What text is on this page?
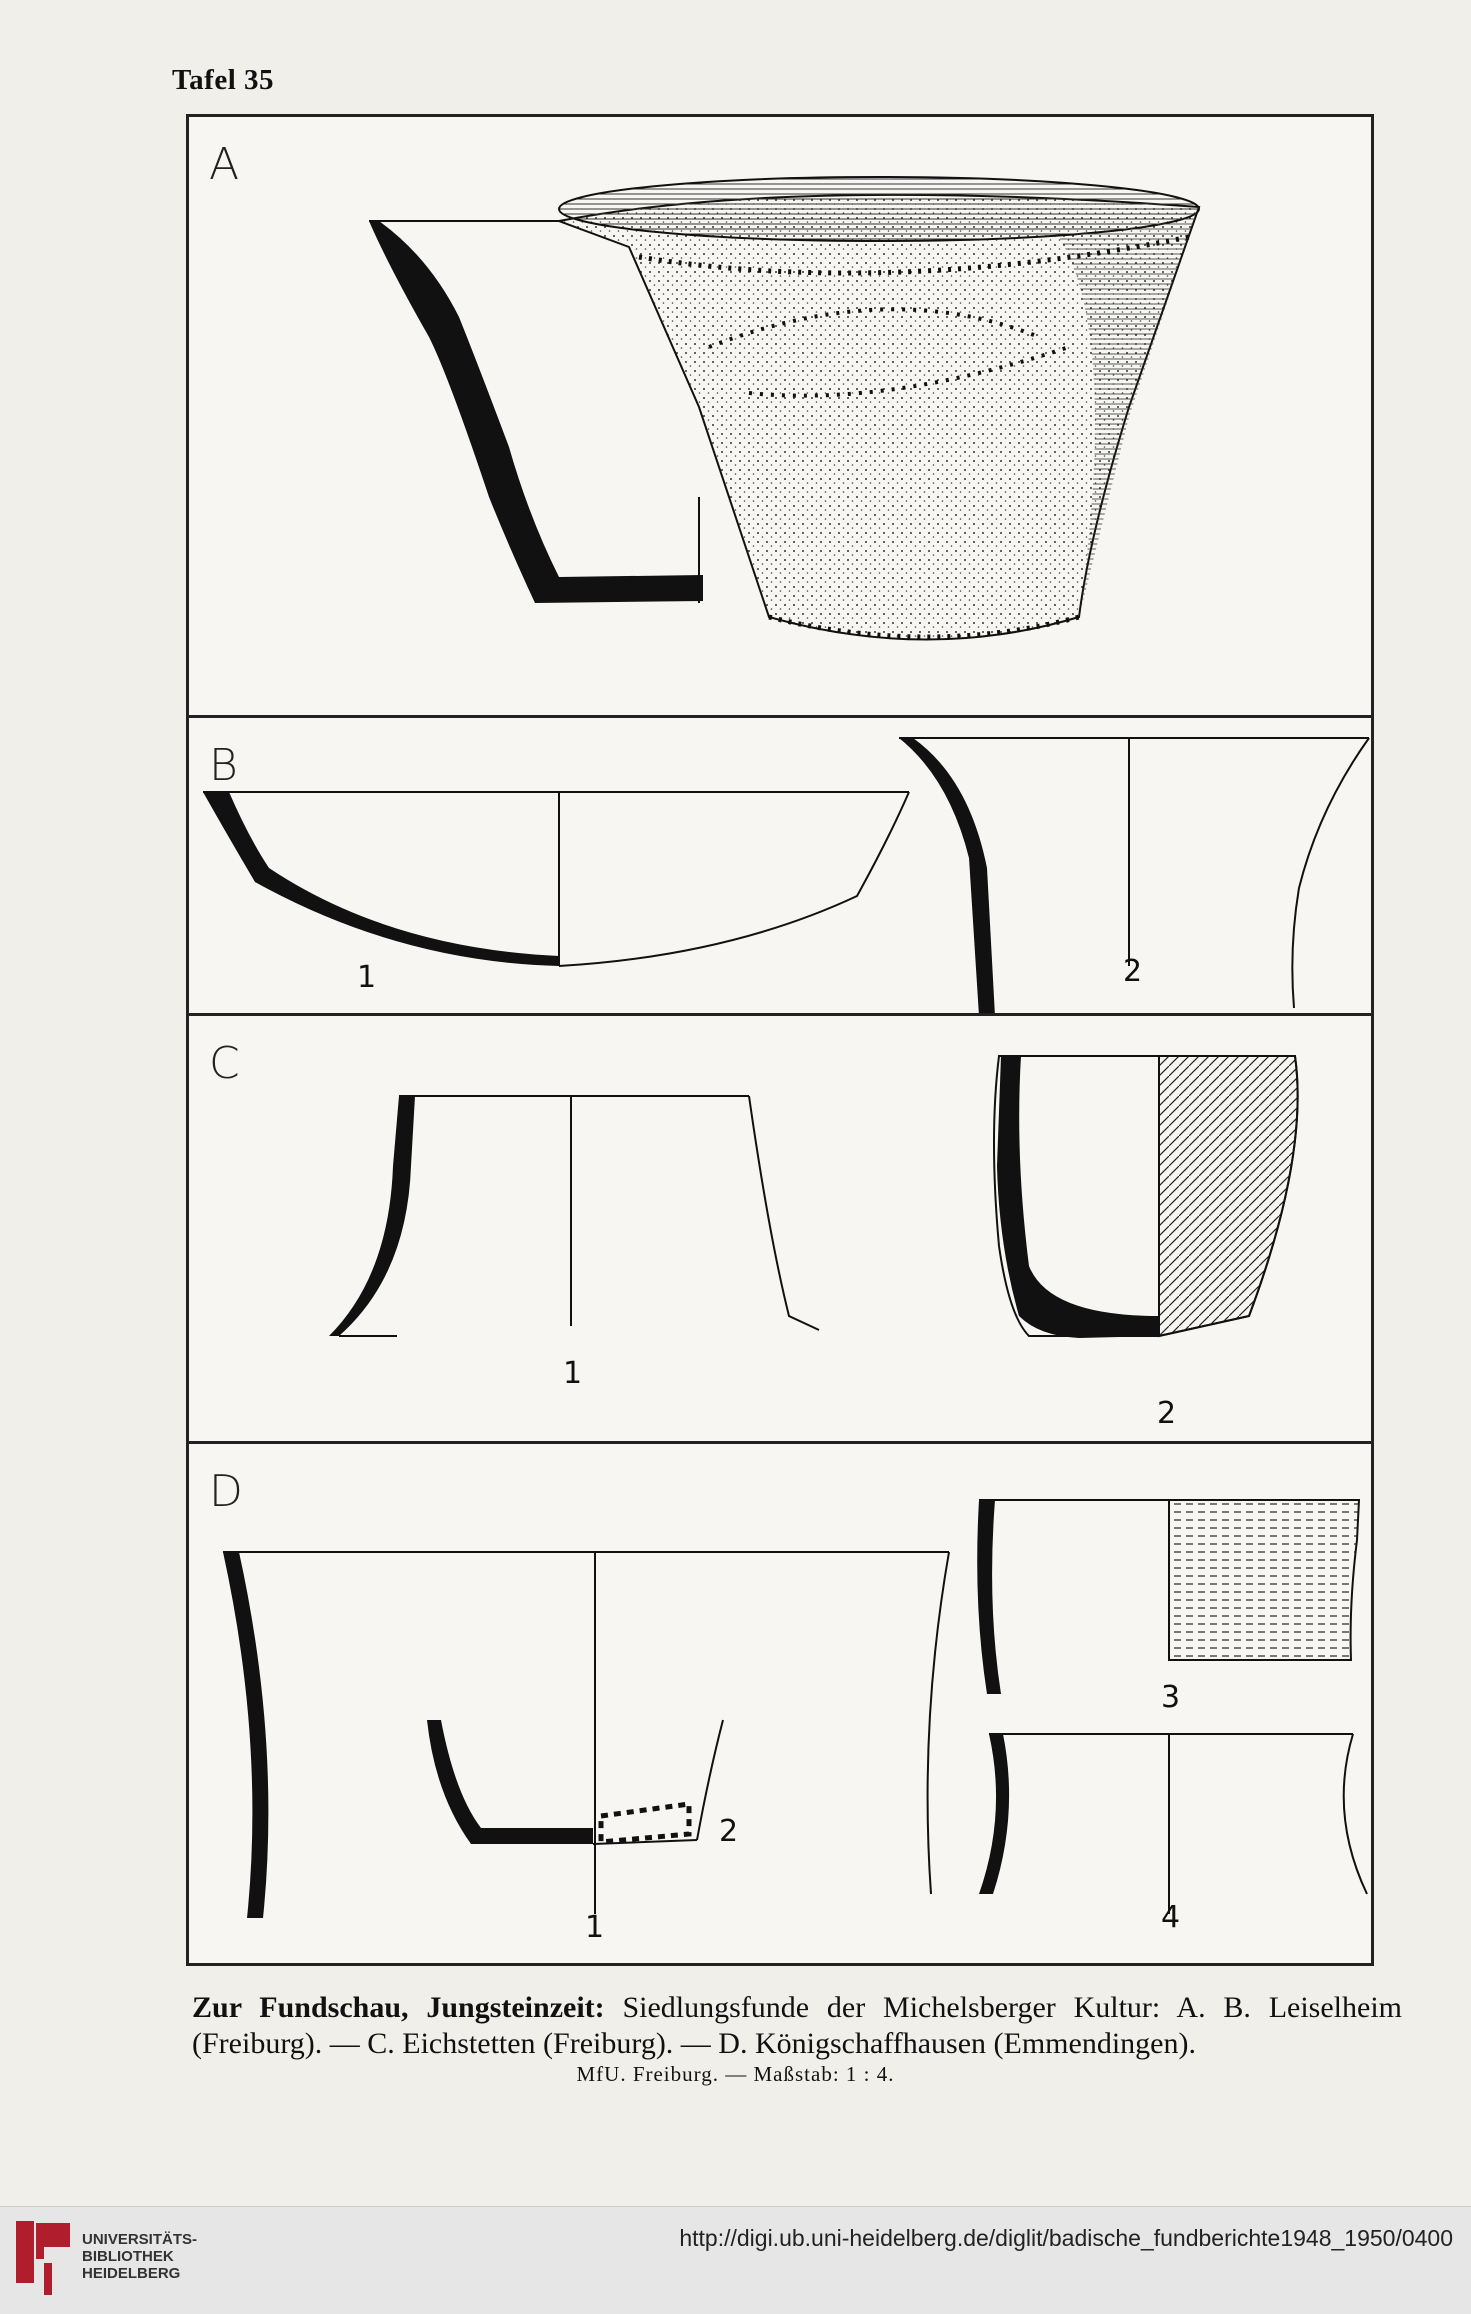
Tafel 35
A
B
1	2
C
1
2
D
1
2
3
4
Zur Fundschau, Jungsteinzeit: Siedlungsfunde der Michelsberger Kultur: A. B. Leiselheim (Freiburg). — C. Eichstetten (Freiburg). — D. Königschaffhausen (Emmendingen).
MfU. Freiburg. — Maßstab: 1 : 4.
UNIVERSITÄTS-
BIBLIOTHEK
HEIDELBERG
http://digi.ub.uni-heidelberg.de/diglit/badische_fundberichte1948_1950/0400
